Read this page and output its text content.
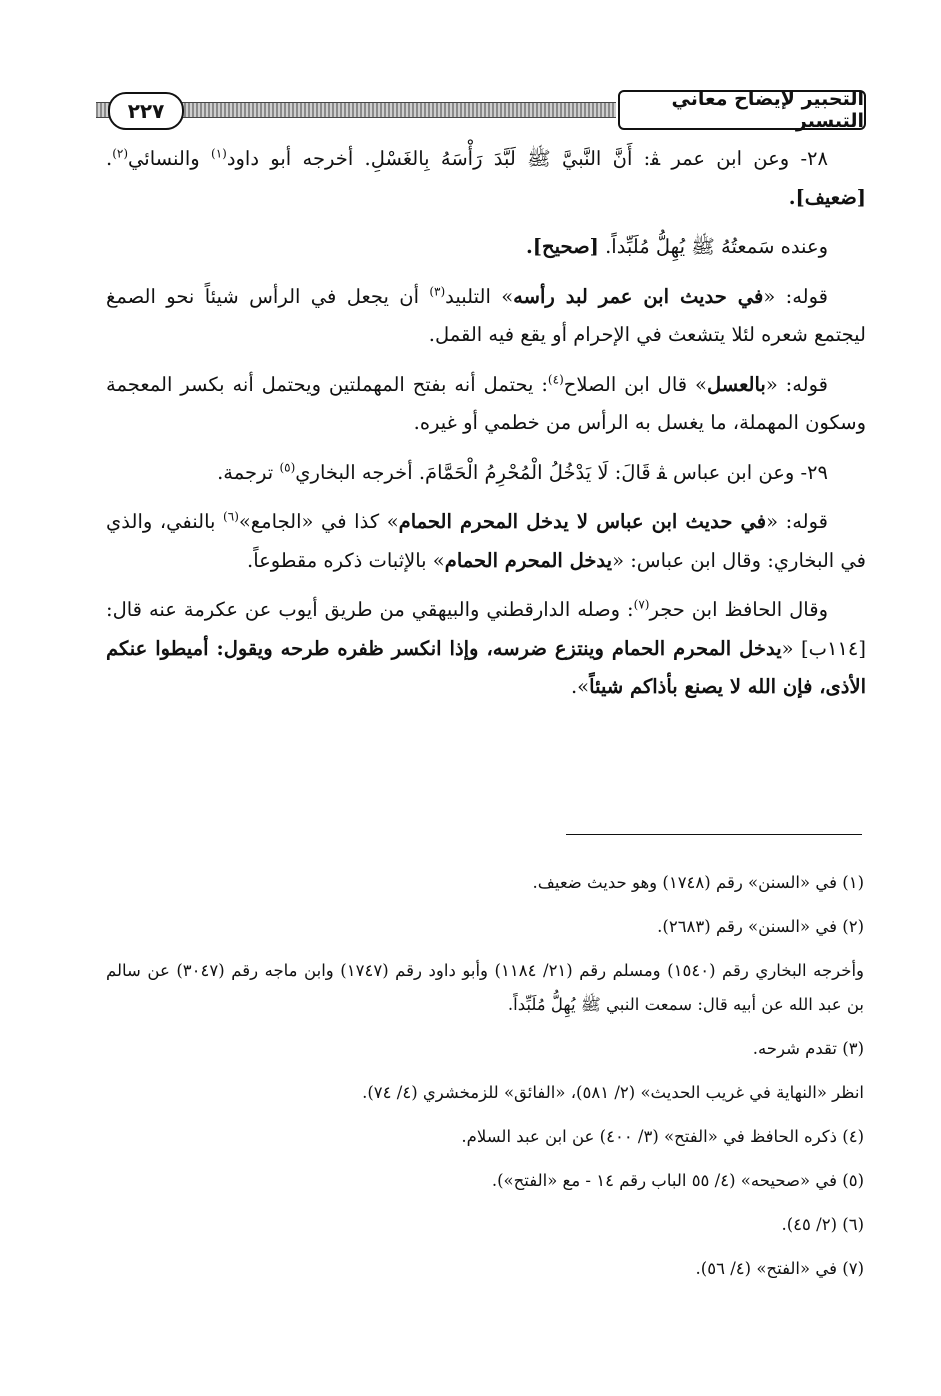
٢٢٧	التحبير لإيضاح معاني التيسير

٢٨- وعن ابن عمر ﭭ: أَنَّ النَّبيَّ ﷺ لَبَّدَ رَأْسَهُ بِالغَسْلِ. أخرجه أبو داود$^{(١)}$ والنسائي$^{(٢)}$. [ضعيف].

وعنده سَمعتُهُ ﷺ يُهِلُّ مُلَبِّداً. [صحيح].

قوله: «في حديث ابن عمر لبد رأسه» التلبيد$^{(٣)}$ أن يجعل في الرأس شيئاً نحو الصمغ ليجتمع شعره لئلا يتشعث في الإحرام أو يقع فيه القمل.

قوله: «بالعسل» قال ابن الصلاح$^{(٤)}$: يحتمل أنه بفتح المهملتين ويحتمل أنه بكسر المعجمة وسكون المهملة، ما يغسل به الرأس من خطمي أو غيره.

٢٩- وعن ابن عباس ﭭ قَالَ: لَا يَدْخُلُ الْمُحْرِمُ الْحَمَّامَ. أخرجه البخاري$^{(٥)}$ ترجمة.

قوله: «في حديث ابن عباس لا يدخل المحرم الحمام» كذا في «الجامع»$^{(٦)}$ بالنفي، والذي في البخاري: وقال ابن عباس: «يدخل المحرم الحمام» بالإثبات ذكره مقطوعاً.

وقال الحافظ ابن حجر$^{(٧)}$: وصله الدارقطني والبيهقي من طريق أيوب عن عكرمة عنه قال: [١١٤ب] «يدخل المحرم الحمام وينتزع ضرسه، وإذا انكسر ظفره طرحه ويقول: أميطوا عنكم الأذى، فإن الله لا يصنع بأذاكم شيئاً».

(١) في «السنن» رقم (١٧٤٨) وهو حديث ضعيف.

(٢) في «السنن» رقم (٢٦٨٣).

وأخرجه البخاري رقم (١٥٤٠) ومسلم رقم (٢١/ ١١٨٤) وأبو داود رقم (١٧٤٧) وابن ماجه رقم (٣٠٤٧) عن سالم بن عبد الله عن أبيه قال: سمعت النبي ﷺ يُهِلُّ مُلَبِّداً.

(٣) تقدم شرحه.

انظر «النهاية في غريب الحديث» (٢/ ٥٨١)، «الفائق» للزمخشري (٤/ ٧٤).

(٤) ذكره الحافظ في «الفتح» (٣/ ٤٠٠) عن ابن عبد السلام.

(٥) في «صحيحه» (٤/ ٥٥ الباب رقم ١٤ - مع «الفتح»).

(٦) (٢/ ٤٥).

(٧) في «الفتح» (٤/ ٥٦).
